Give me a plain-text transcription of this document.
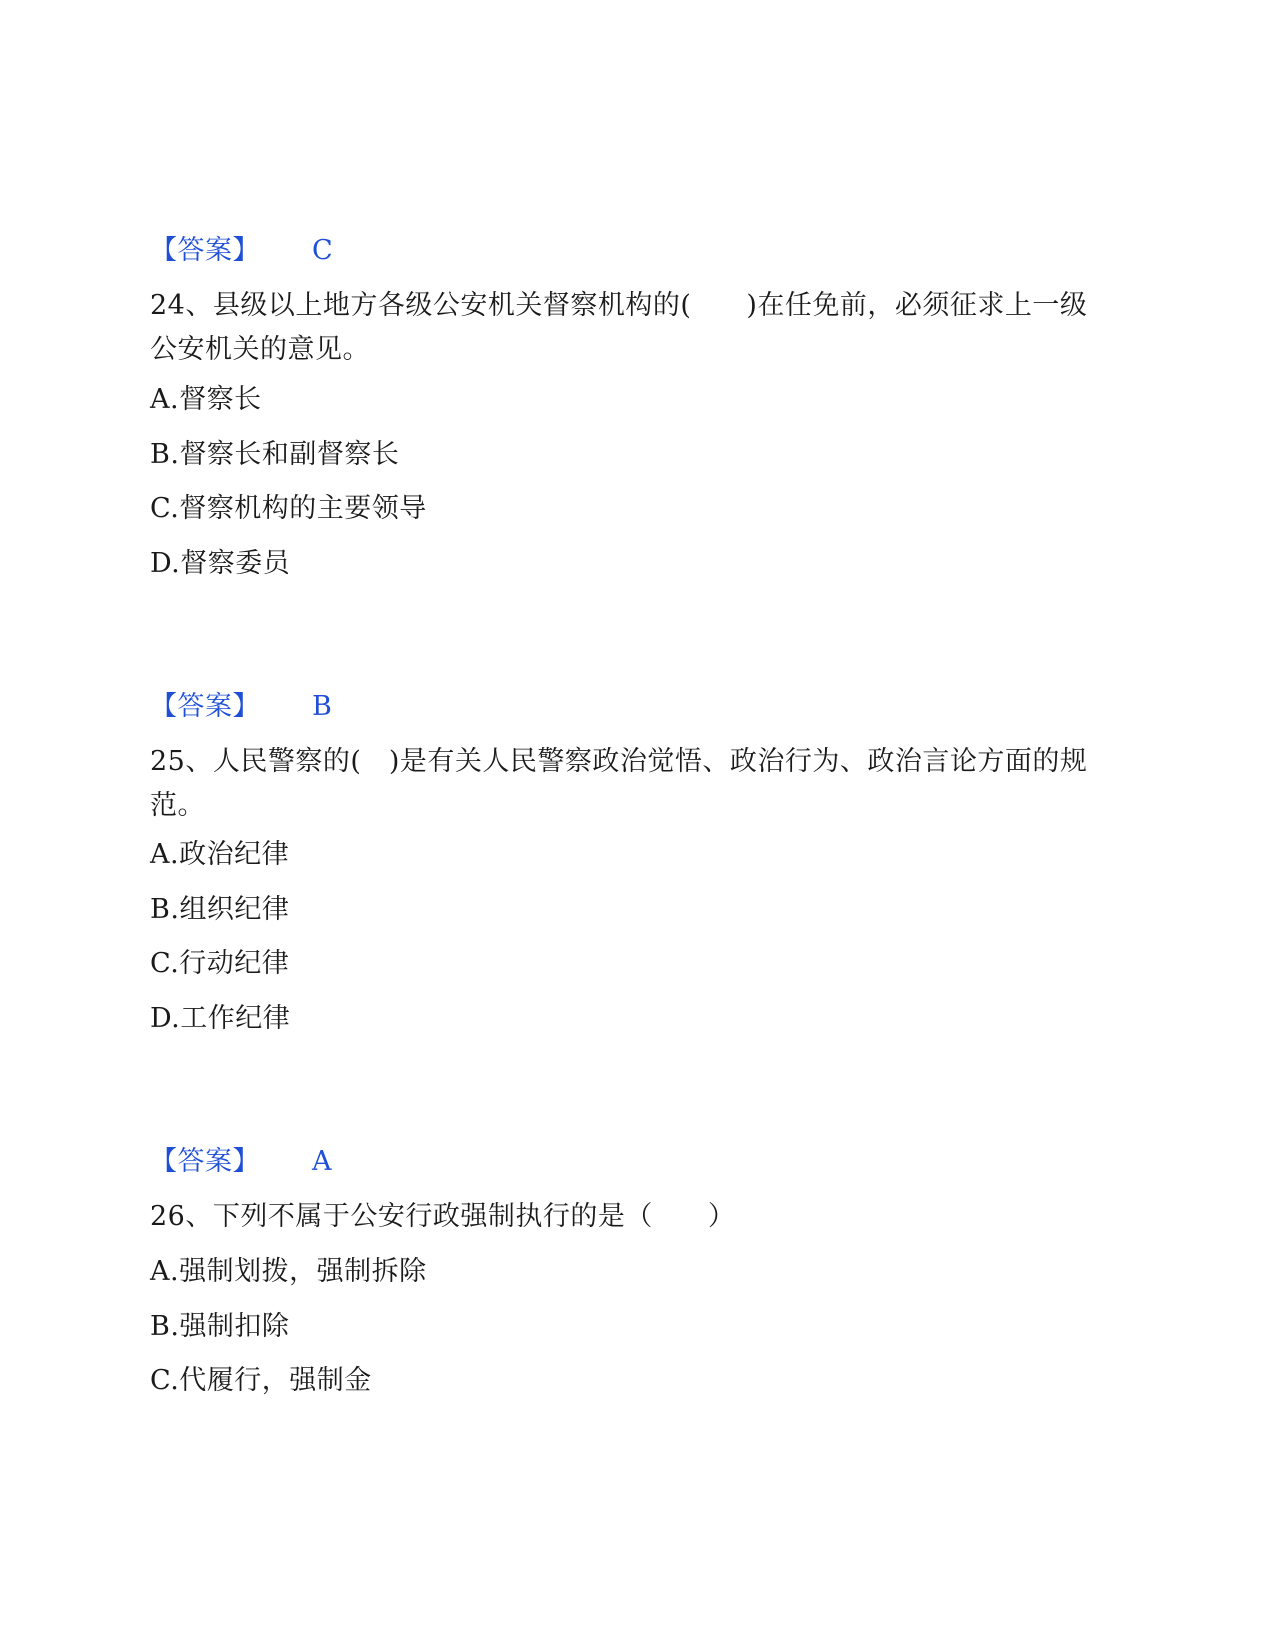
【答案】 C
24、县级以上地方各级公安机关督察机构的(　　)在任免前，必须征求上一级公安机关的意见。
A.督察长
B.督察长和副督察长
C.督察机构的主要领导
D.督察委员
【答案】 B
25、人民警察的(　)是有关人民警察政治觉悟、政治行为、政治言论方面的规范。
A.政治纪律
B.组织纪律
C.行动纪律
D.工作纪律
【答案】 A
26、下列不属于公安行政强制执行的是（　　）
A.强制划拨，强制拆除
B.强制扣除
C.代履行，强制金
